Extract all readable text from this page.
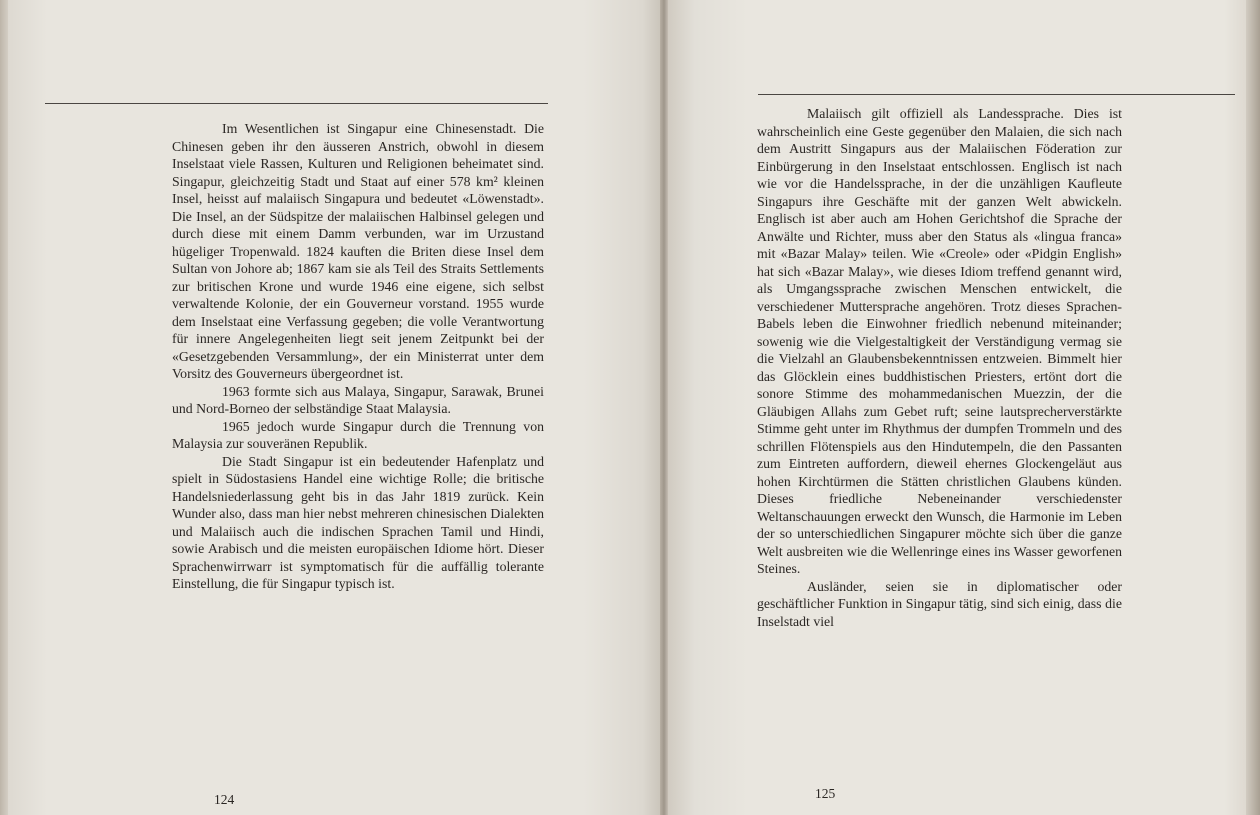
Im Wesentlichen ist Singapur eine Chinesenstadt. Die Chinesen geben ihr den äusseren Anstrich, obwohl in diesem Inselstaat viele Rassen, Kulturen und Religionen beheimatet sind. Singapur, gleichzeitig Stadt und Staat auf einer 578 km² kleinen Insel, heisst auf malaiisch Singapura und bedeutet «Löwenstadt». Die Insel, an der Südspitze der malaiischen Halbinsel gelegen und durch diese mit einem Damm verbunden, war im Urzustand hügeliger Tropenwald. 1824 kauften die Briten diese Insel dem Sultan von Johore ab; 1867 kam sie als Teil des Straits Settlements zur britischen Krone und wurde 1946 eine eigene, sich selbst verwaltende Kolonie, der ein Gouverneur vorstand. 1955 wurde dem Inselstaat eine Verfassung gegeben; die volle Verantwortung für innere Angelegenheiten liegt seit jenem Zeitpunkt bei der «Gesetzgebenden Versammlung», der ein Ministerrat unter dem Vorsitz des Gouverneurs übergeordnet ist.

1963 formte sich aus Malaya, Singapur, Sarawak, Brunei und Nord-Borneo der selbständige Staat Malaysia.

1965 jedoch wurde Singapur durch die Trennung von Malaysia zur souveränen Republik.

Die Stadt Singapur ist ein bedeutender Hafenplatz und spielt in Südostasiens Handel eine wichtige Rolle; die britische Handelsniederlassung geht bis in das Jahr 1819 zurück. Kein Wunder also, dass man hier nebst mehreren chinesischen Dialekten und Malaiisch auch die indischen Sprachen Tamil und Hindi, sowie Arabisch und die meisten europäischen Idiome hört. Dieser Sprachenwirrwarr ist symptomatisch für die auffällig tolerante Einstellung, die für Singapur typisch ist.

Malaiisch gilt offiziell als Landessprache. Dies ist wahrscheinlich eine Geste gegenüber den Malaien, die sich nach dem Austritt Singapurs aus der Malaiischen Föderation zur Einbürgerung in den Inselstaat entschlossen. Englisch ist nach wie vor die Handelssprache, in der die unzähligen Kaufleute Singapurs ihre Geschäfte mit der ganzen Welt abwickeln. Englisch ist aber auch am Hohen Gerichtshof die Sprache der Anwälte und Richter, muss aber den Status als «lingua franca» mit «Bazar Malay» teilen. Wie «Creole» oder «Pidgin English» hat sich «Bazar Malay», wie dieses Idiom treffend genannt wird, als Umgangssprache zwischen Menschen entwickelt, die verschiedener Muttersprache angehören. Trotz dieses Sprachen-Babels leben die Einwohner friedlich nebenund miteinander; sowenig wie die Vielgestaltigkeit der Verständigung vermag sie die Vielzahl an Glaubensbekenntnissen entzweien. Bimmelt hier das Glöcklein eines buddhistischen Priesters, ertönt dort die sonore Stimme des mohammedanischen Muezzin, der die Gläubigen Allahs zum Gebet ruft; seine lautsprecherverstärkte Stimme geht unter im Rhythmus der dumpfen Trommeln und des schrillen Flötenspiels aus den Hindutempeln, die den Passanten zum Eintreten auffordern, dieweil ehernes Glockengeläut aus hohen Kirchtürmen die Stätten christlichen Glaubens künden. Dieses friedliche Nebeneinander verschiedenster Weltanschauungen erweckt den Wunsch, die Harmonie im Leben der so unterschiedlichen Singapurer möchte sich über die ganze Welt ausbreiten wie die Wellenringe eines ins Wasser geworfenen Steines.

Ausländer, seien sie in diplomatischer oder geschäftlicher Funktion in Singapur tätig, sind sich einig, dass die Inselstadt viel

124	125
